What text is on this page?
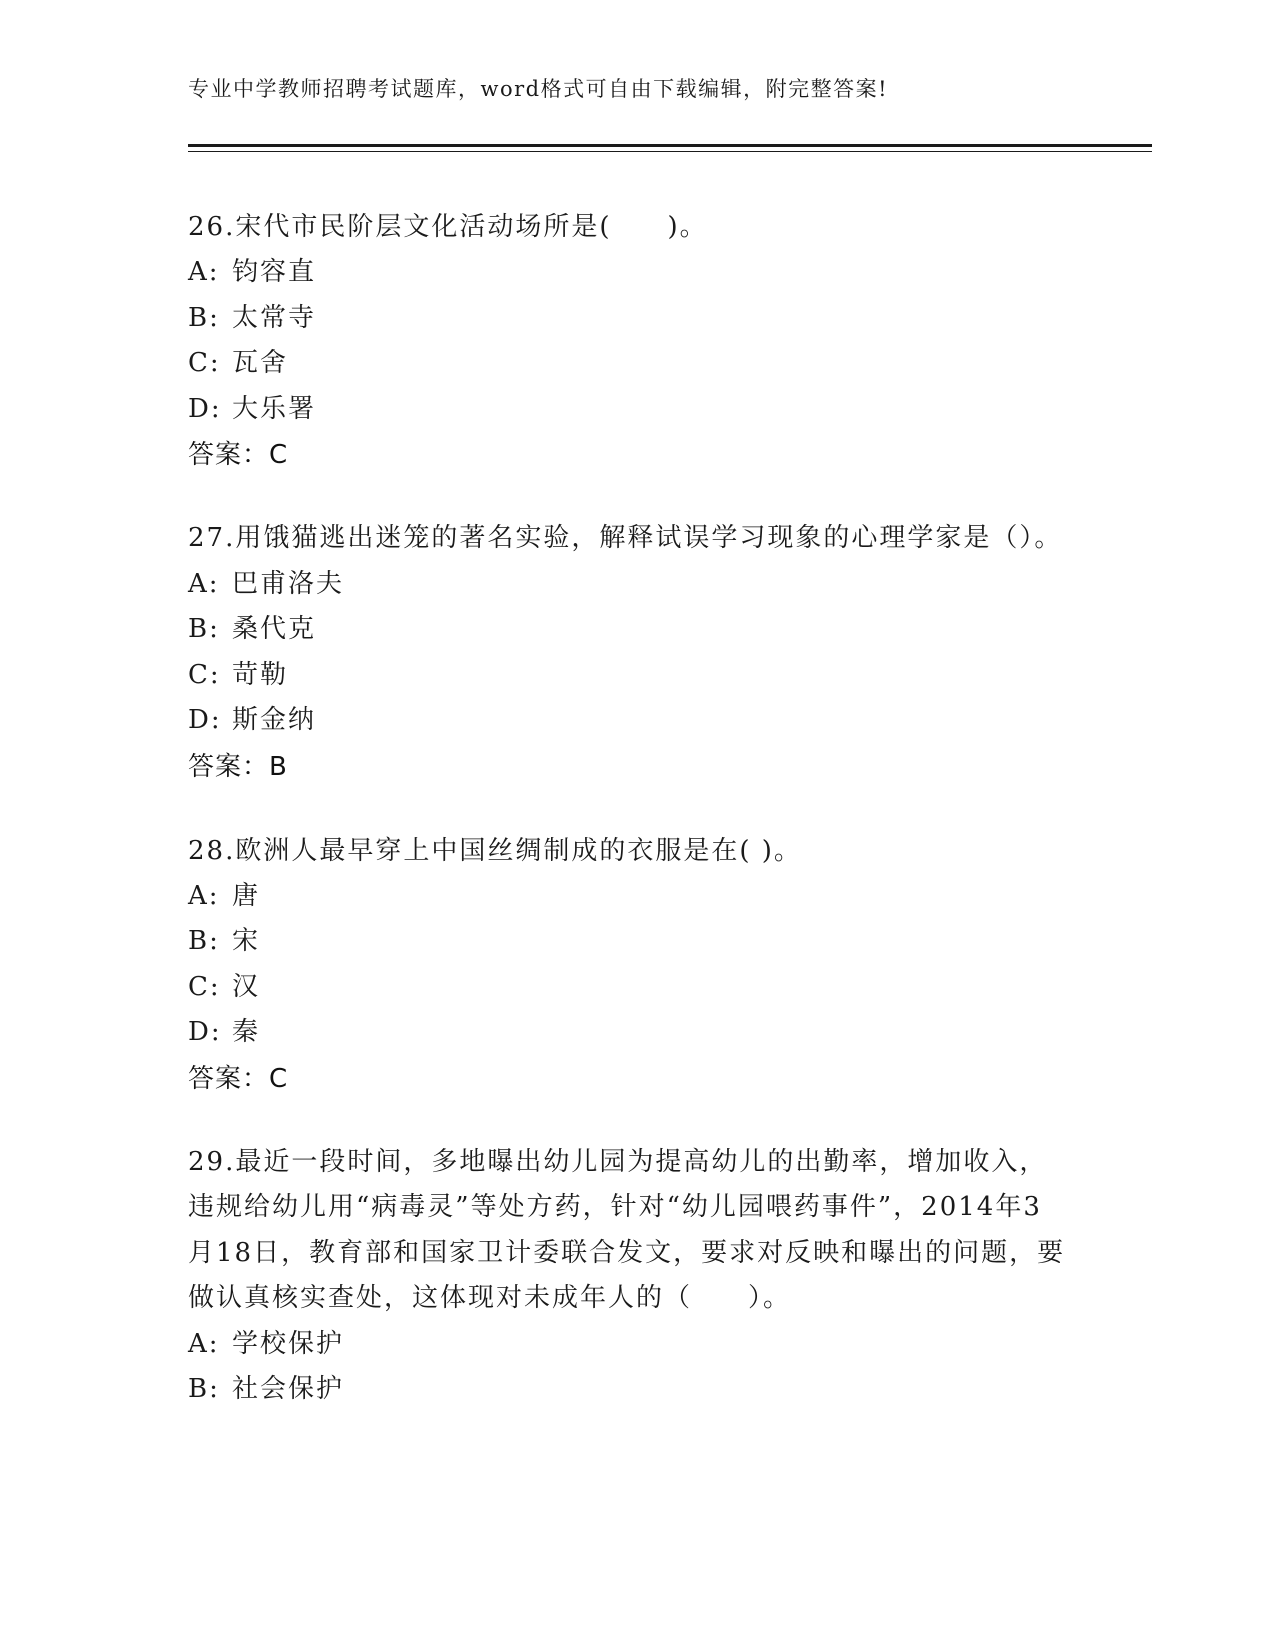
专业中学教师招聘考试题库，word格式可自由下载编辑，附完整答案!
26.宋代市民阶层文化活动场所是(　　)。
A: 钧容直
B: 太常寺
C: 瓦舍
D: 大乐署
答案：C
27.用饿猫逃出迷笼的著名实验，解释试误学习现象的心理学家是（）。
A: 巴甫洛夫
B: 桑代克
C: 苛勒
D: 斯金纳
答案：B
28.欧洲人最早穿上中国丝绸制成的衣服是在( )。
A: 唐
B: 宋
C: 汉
D: 秦
答案：C
29.最近一段时间，多地曝出幼儿园为提高幼儿的出勤率，增加收入，违规给幼儿用“病毒灵”等处方药，针对“幼儿园喂药事件”，2014年3月18日，教育部和国家卫计委联合发文，要求对反映和曝出的问题，要做认真核实查处，这体现对未成年人的（　　）。
A: 学校保护
B: 社会保护
